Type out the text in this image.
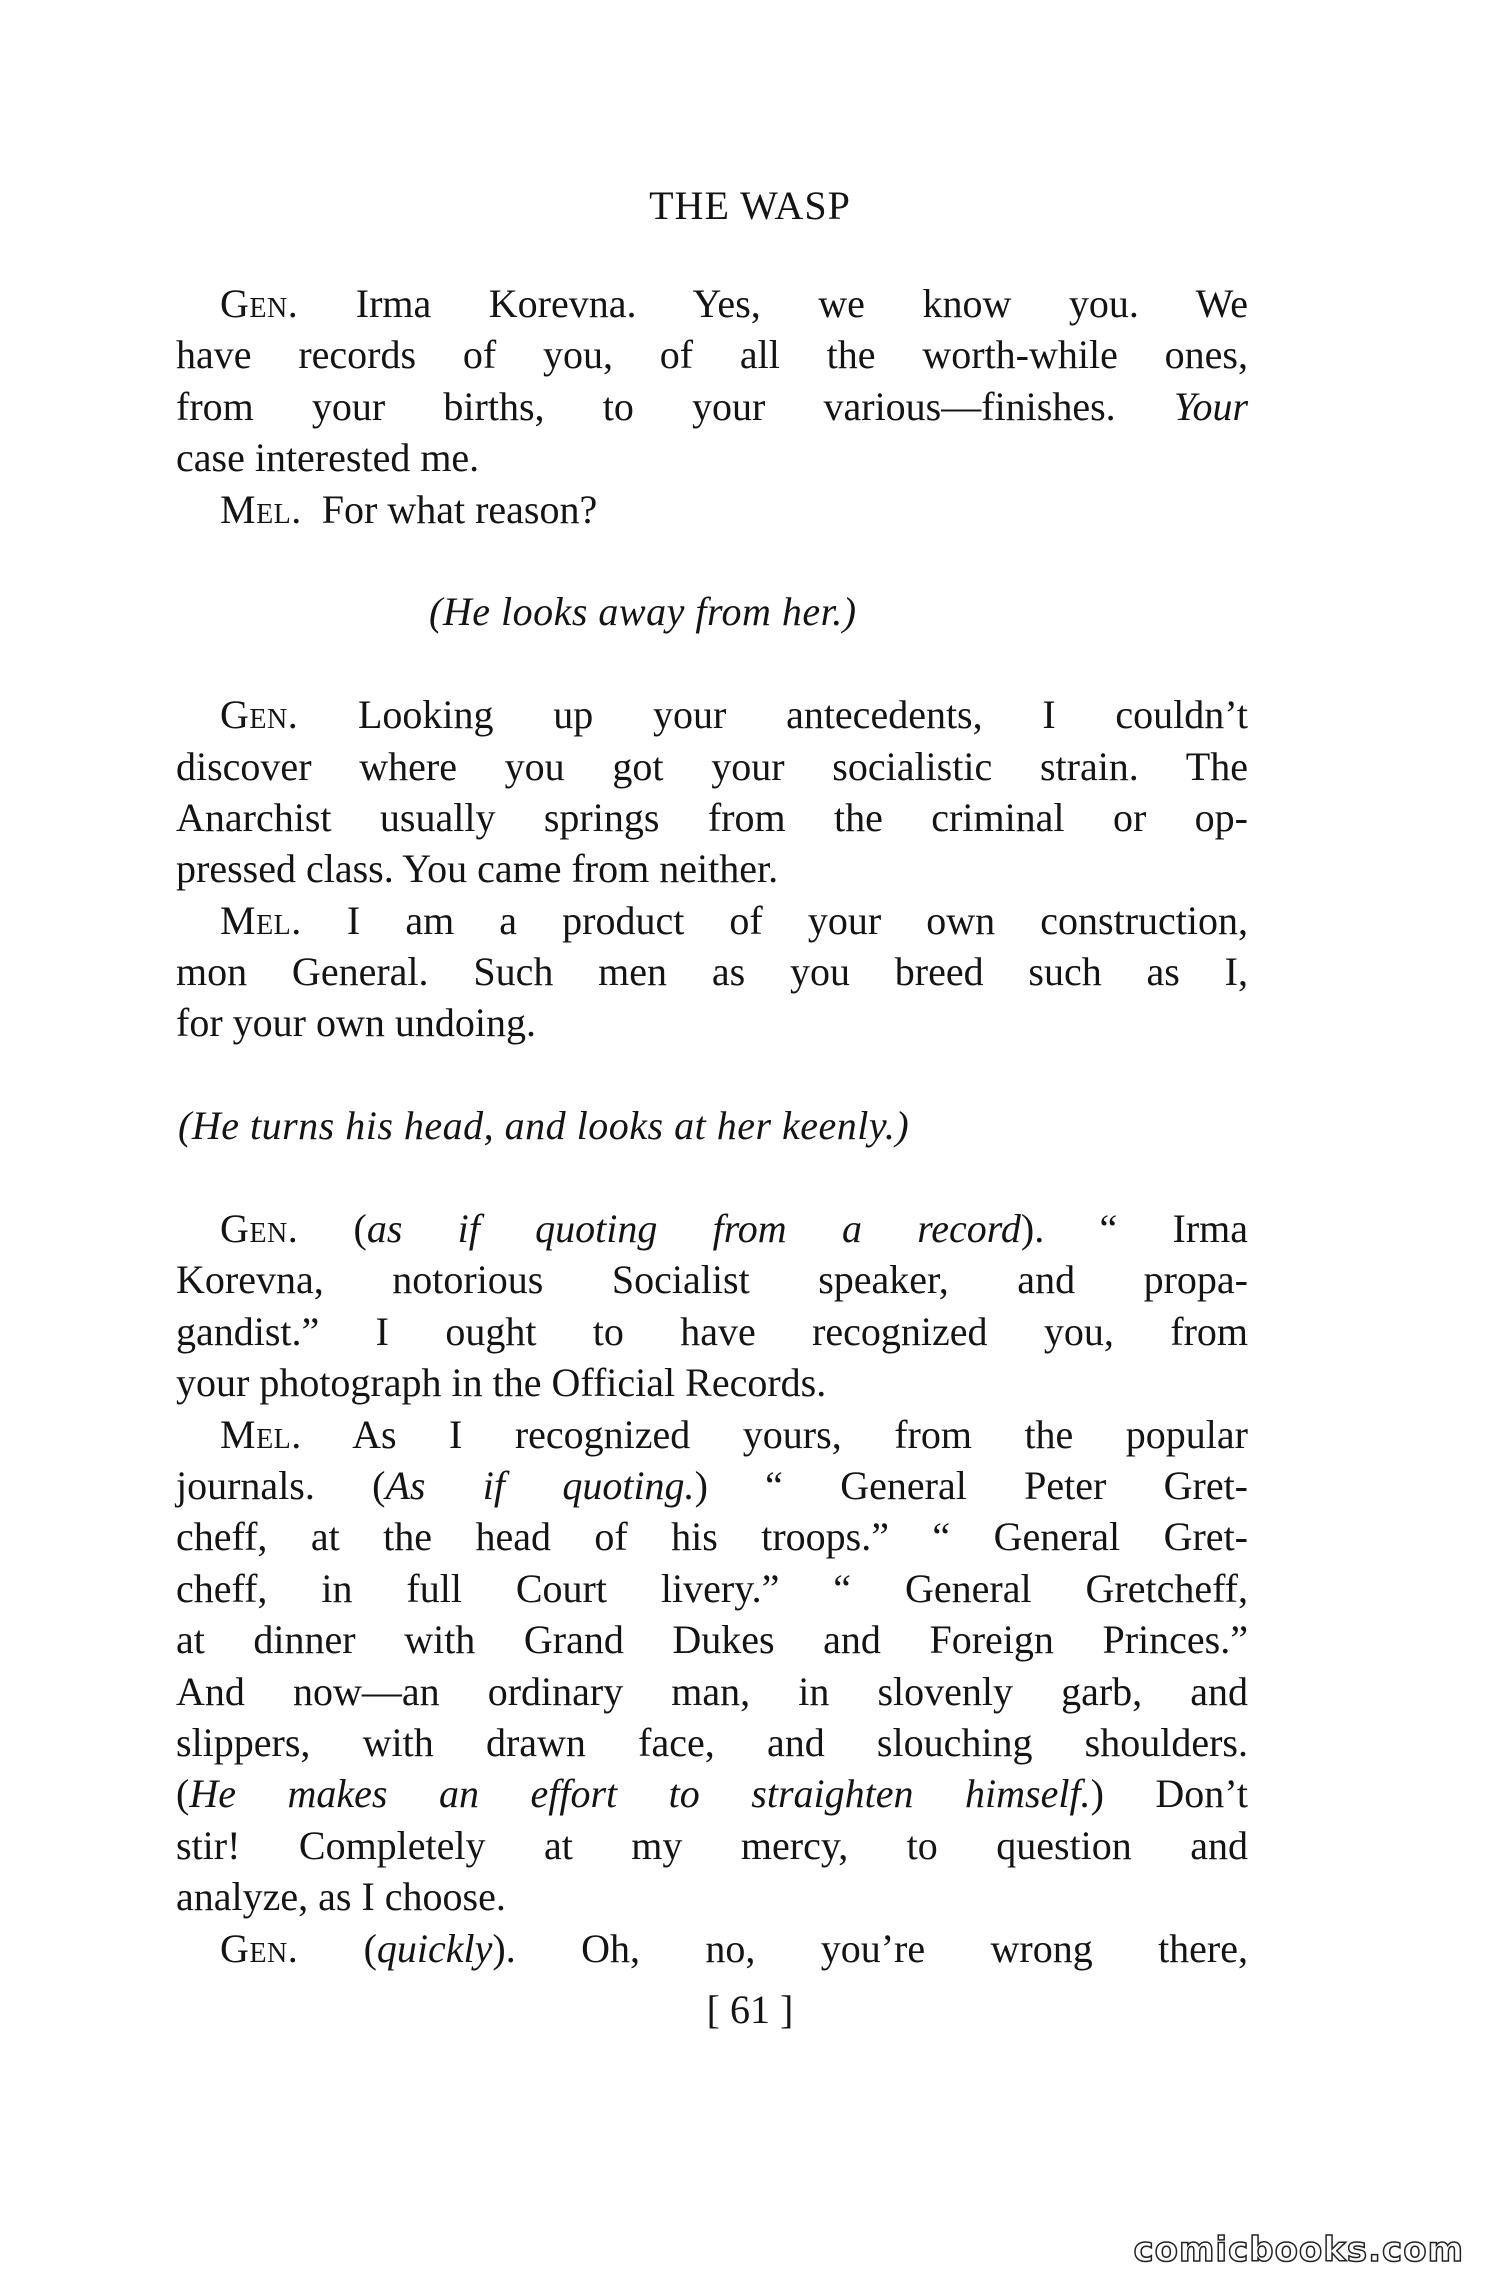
THE WASP
Gen. Irma Korevna. Yes, we know you. We
have records of you, of all the worth-while ones,
from your births, to your various—finishes. Your
case interested me.
Mel. For what reason?
(He looks away from her.)
Gen. Looking up your antecedents, I couldn’t
discover where you got your socialistic strain. The
Anarchist usually springs from the criminal or op-
pressed class. You came from neither.
Mel. I am a product of your own construction,
mon General. Such men as you breed such as I,
for your own undoing.
(He turns his head, and looks at her keenly.)
Gen. (as if quoting from a record). “ Irma
Korevna, notorious Socialist speaker, and propa-
gandist.” I ought to have recognized you, from
your photograph in the Official Records.
Mel. As I recognized yours, from the popular
journals. (As if quoting.) “ General Peter Gret-
cheff, at the head of his troops.” “ General Gret-
cheff, in full Court livery.” “ General Gretcheff,
at dinner with Grand Dukes and Foreign Princes.”
And now—an ordinary man, in slovenly garb, and
slippers, with drawn face, and slouching shoulders.
(He makes an effort to straighten himself.) Don’t
stir! Completely at my mercy, to question and
analyze, as I choose.
Gen. (quickly). Oh, no, you’re wrong there,
[ 61 ]
comicbooks.com
